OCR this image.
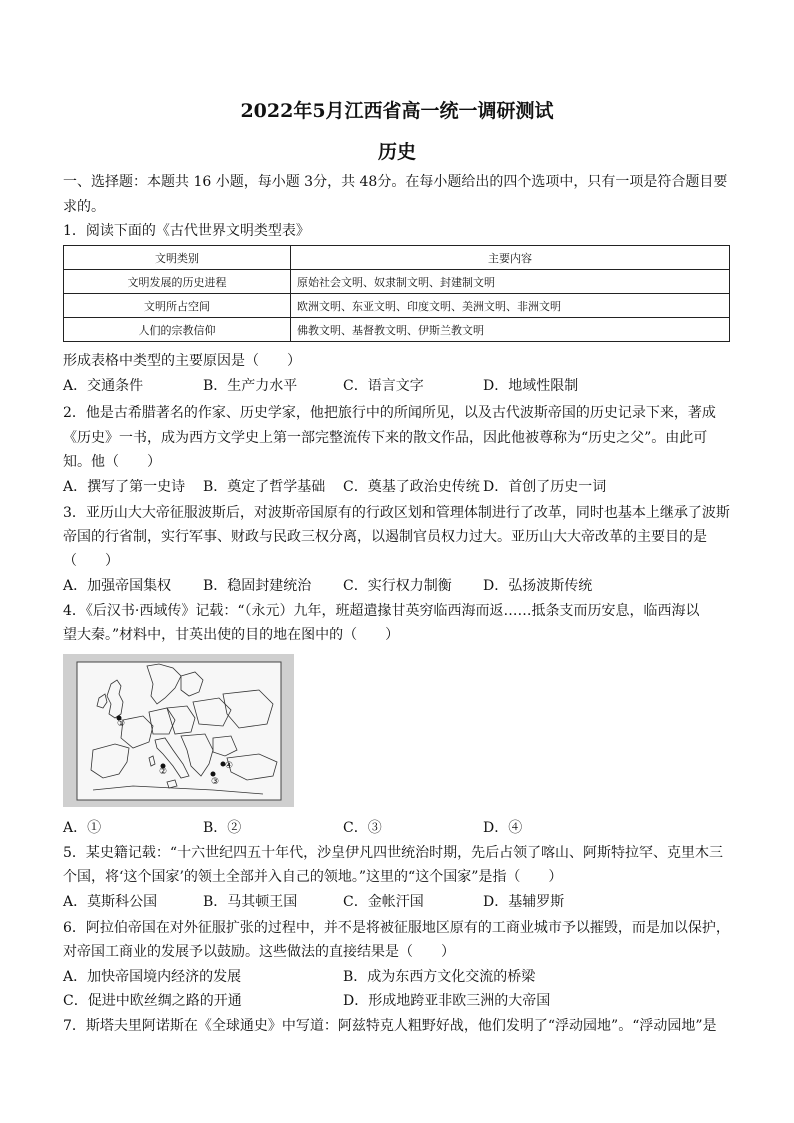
2022年5月江西省高一统一调研测试
历史
一、选择题：本题共 16 小题，每小题 3分，共 48分。在每小题给出的四个选项中，只有一项是符合题目要
求的。
1．阅读下面的《古代世界文明类型表》
文明类别	主要内容
文明发展的历史进程	原始社会文明、奴隶制文明、封建制文明
文明所占空间	欧洲文明、东亚文明、印度文明、美洲文明、非洲文明
人们的宗教信仰	佛教文明、基督教文明、伊斯兰教文明
形成表格中类型的主要原因是（　　）
A．交通条件	B．生产力水平	C．语言文字	D．地域性限制
2．他是古希腊著名的作家、历史学家，他把旅行中的所闻所见，以及古代波斯帝国的历史记录下来，著成
《历史》一书，成为西方文学史上第一部完整流传下来的散文作品，因此他被尊称为“历史之父”。由此可
知。他（　　）
A．撰写了第一史诗 B．奠定了哲学基础 C．奠基了政治史传统 D．首创了历史一词
3．亚历山大大帝征服波斯后，对波斯帝国原有的行政区划和管理体制进行了改革，同时也基本上继承了波斯
帝国的行省制，实行军事、财政与民政三权分离，以遏制官员权力过大。亚历山大大帝改革的主要目的是
（　　）
A．加强帝国集权 B．稳固封建统治 C．实行权力制衡 D．弘扬波斯传统
4．《后汉书·西域传》记载：“（永元）九年，班超遣掾甘英穷临西海而返……抵条支而历安息，临西海以
望大秦。”材料中，甘英出使的目的地在图中的（　　）
①
②
③
④
A．①	B．②	C．③	D．④
5．某史籍记载：“十六世纪四五十年代，沙皇伊凡四世统治时期，先后占领了喀山、阿斯特拉罕、克里木三
个国，将‘这个国家’的领土全部并入自己的领地。”这里的“这个国家”是指（　　）
A．莫斯科公国	B．马其顿王国	C．金帐汗国	D．基辅罗斯
6．阿拉伯帝国在对外征服扩张的过程中，并不是将被征服地区原有的工商业城市予以摧毁，而是加以保护，
对帝国工商业的发展予以鼓励。这些做法的直接结果是（　　）
A．加快帝国境内经济的发展	B．成为东西方文化交流的桥梁
C．促进中欧丝绸之路的开通	D．形成地跨亚非欧三洲的大帝国
7．斯塔夫里阿诺斯在《全球通史》中写道：阿兹特克人粗野好战，他们发明了“浮动园地”。“浮动园地”是
